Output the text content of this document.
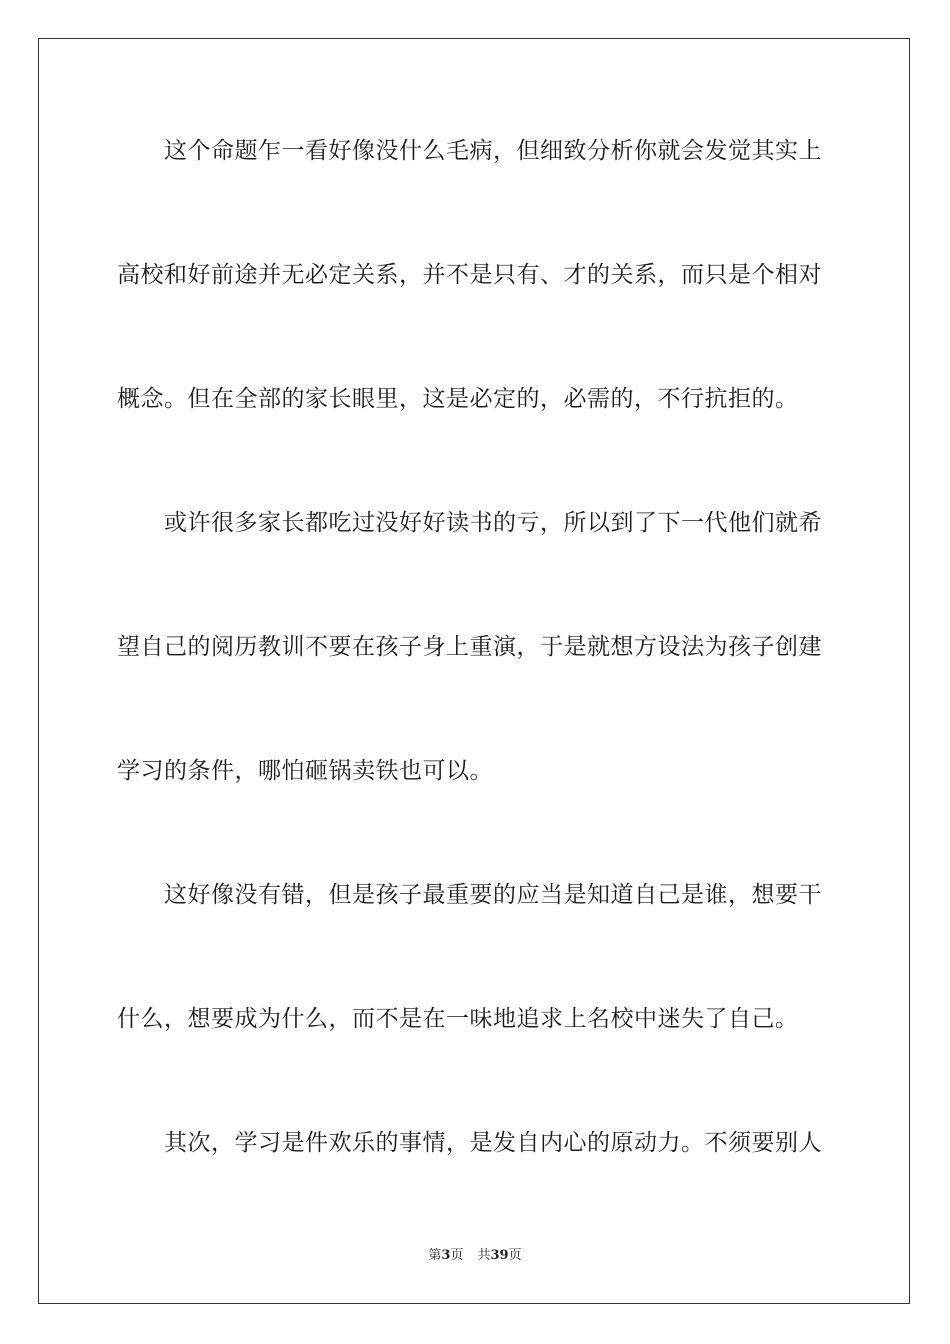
　　这个命题乍一看好像没什么毛病，但细致分析你就会发觉其实上
高校和好前途并无必定关系，并不是只有、才的关系，而只是个相对
概念。但在全部的家长眼里，这是必定的，必需的，不行抗拒的。
　　或许很多家长都吃过没好好读书的亏，所以到了下一代他们就希
望自己的阅历教训不要在孩子身上重演，于是就想方设法为孩子创建
学习的条件，哪怕砸锅卖铁也可以。
　　这好像没有错，但是孩子最重要的应当是知道自己是谁，想要干
什么，想要成为什么，而不是在一味地追求上名校中迷失了自己。
　　其次，学习是件欢乐的事情，是发自内心的原动力。不须要别人
第3页 共39页
